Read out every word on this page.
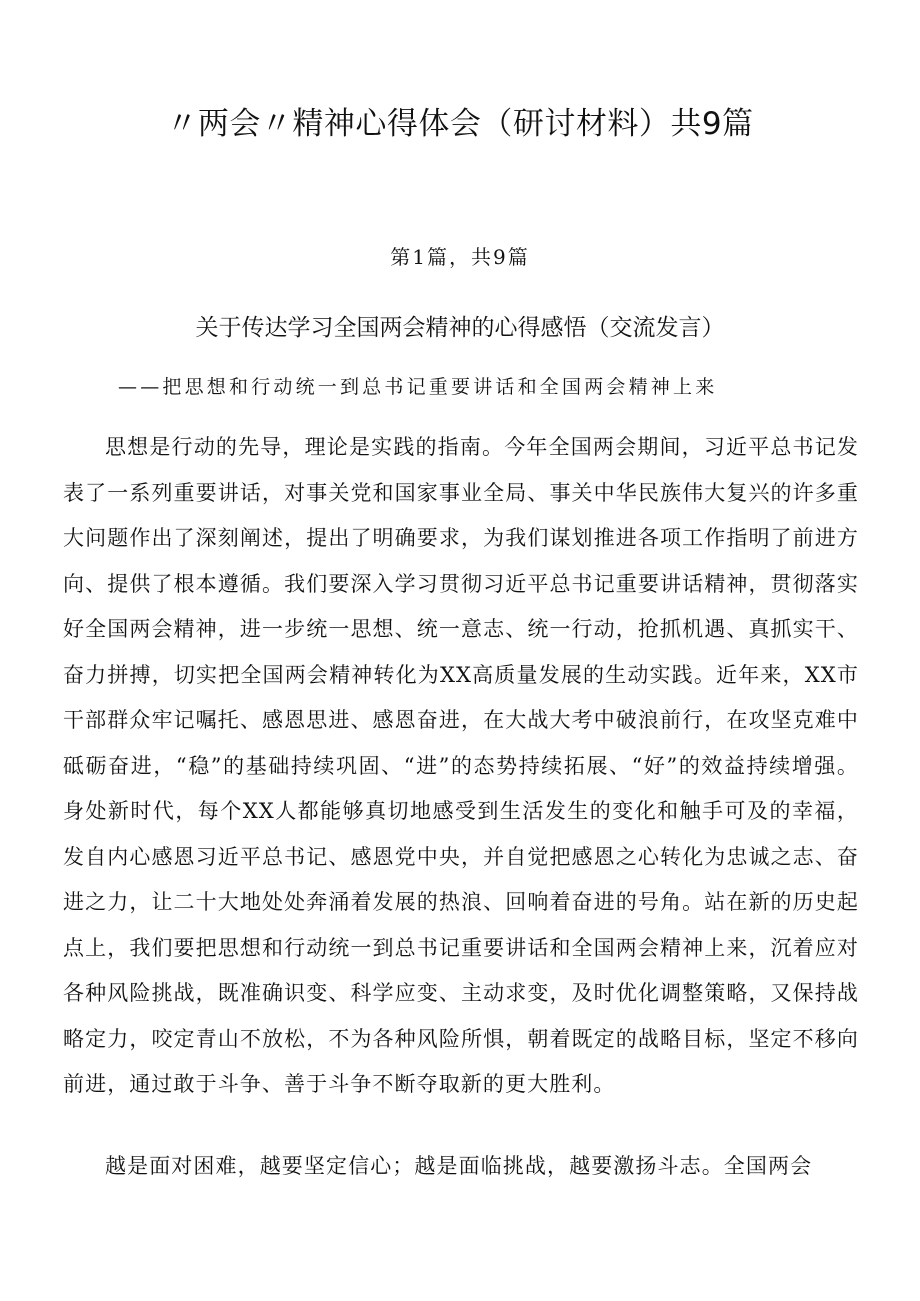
〃两会〃精神心得体会（研讨材料）共9篇
第1篇，共9篇
关于传达学习全国两会精神的心得感悟（交流发言）
——把思想和行动统一到总书记重要讲话和全国两会精神上来

思想是行动的先导，理论是实践的指南。今年全国两会期间，习近平总书记发表了一系列重要讲话，对事关党和国家事业全局、事关中华民族伟大复兴的许多重大问题作出了深刻阐述，提出了明确要求，为我们谋划推进各项工作指明了前进方向、提供了根本遵循。我们要深入学习贯彻习近平总书记重要讲话精神，贯彻落实好全国两会精神，进一步统一思想、统一意志、统一行动，抢抓机遇、真抓实干、奋力拼搏，切实把全国两会精神转化为XX高质量发展的生动实践。近年来，XX市干部群众牢记嘱托、感恩思进、感恩奋进，在大战大考中破浪前行，在攻坚克难中砥砺奋进，“稳”的基础持续巩固、“进”的态势持续拓展、“好”的效益持续增强。身处新时代，每个XX人都能够真切地感受到生活发生的变化和触手可及的幸福，发自内心感恩习近平总书记、感恩党中央，并自觉把感恩之心转化为忠诚之志、奋进之力，让二十大地处处奔涌着发展的热浪、回响着奋进的号角。站在新的历史起点上，我们要把思想和行动统一到总书记重要讲话和全国两会精神上来，沉着应对各种风险挑战，既准确识变、科学应变、主动求变，及时优化调整策略，又保持战略定力，咬定青山不放松，不为各种风险所惧，朝着既定的战略目标，坚定不移向前进，通过敢于斗争、善于斗争不断夺取新的更大胜利。

越是面对困难，越要坚定信心；越是面临挑战，越要激扬斗志。全国两会
